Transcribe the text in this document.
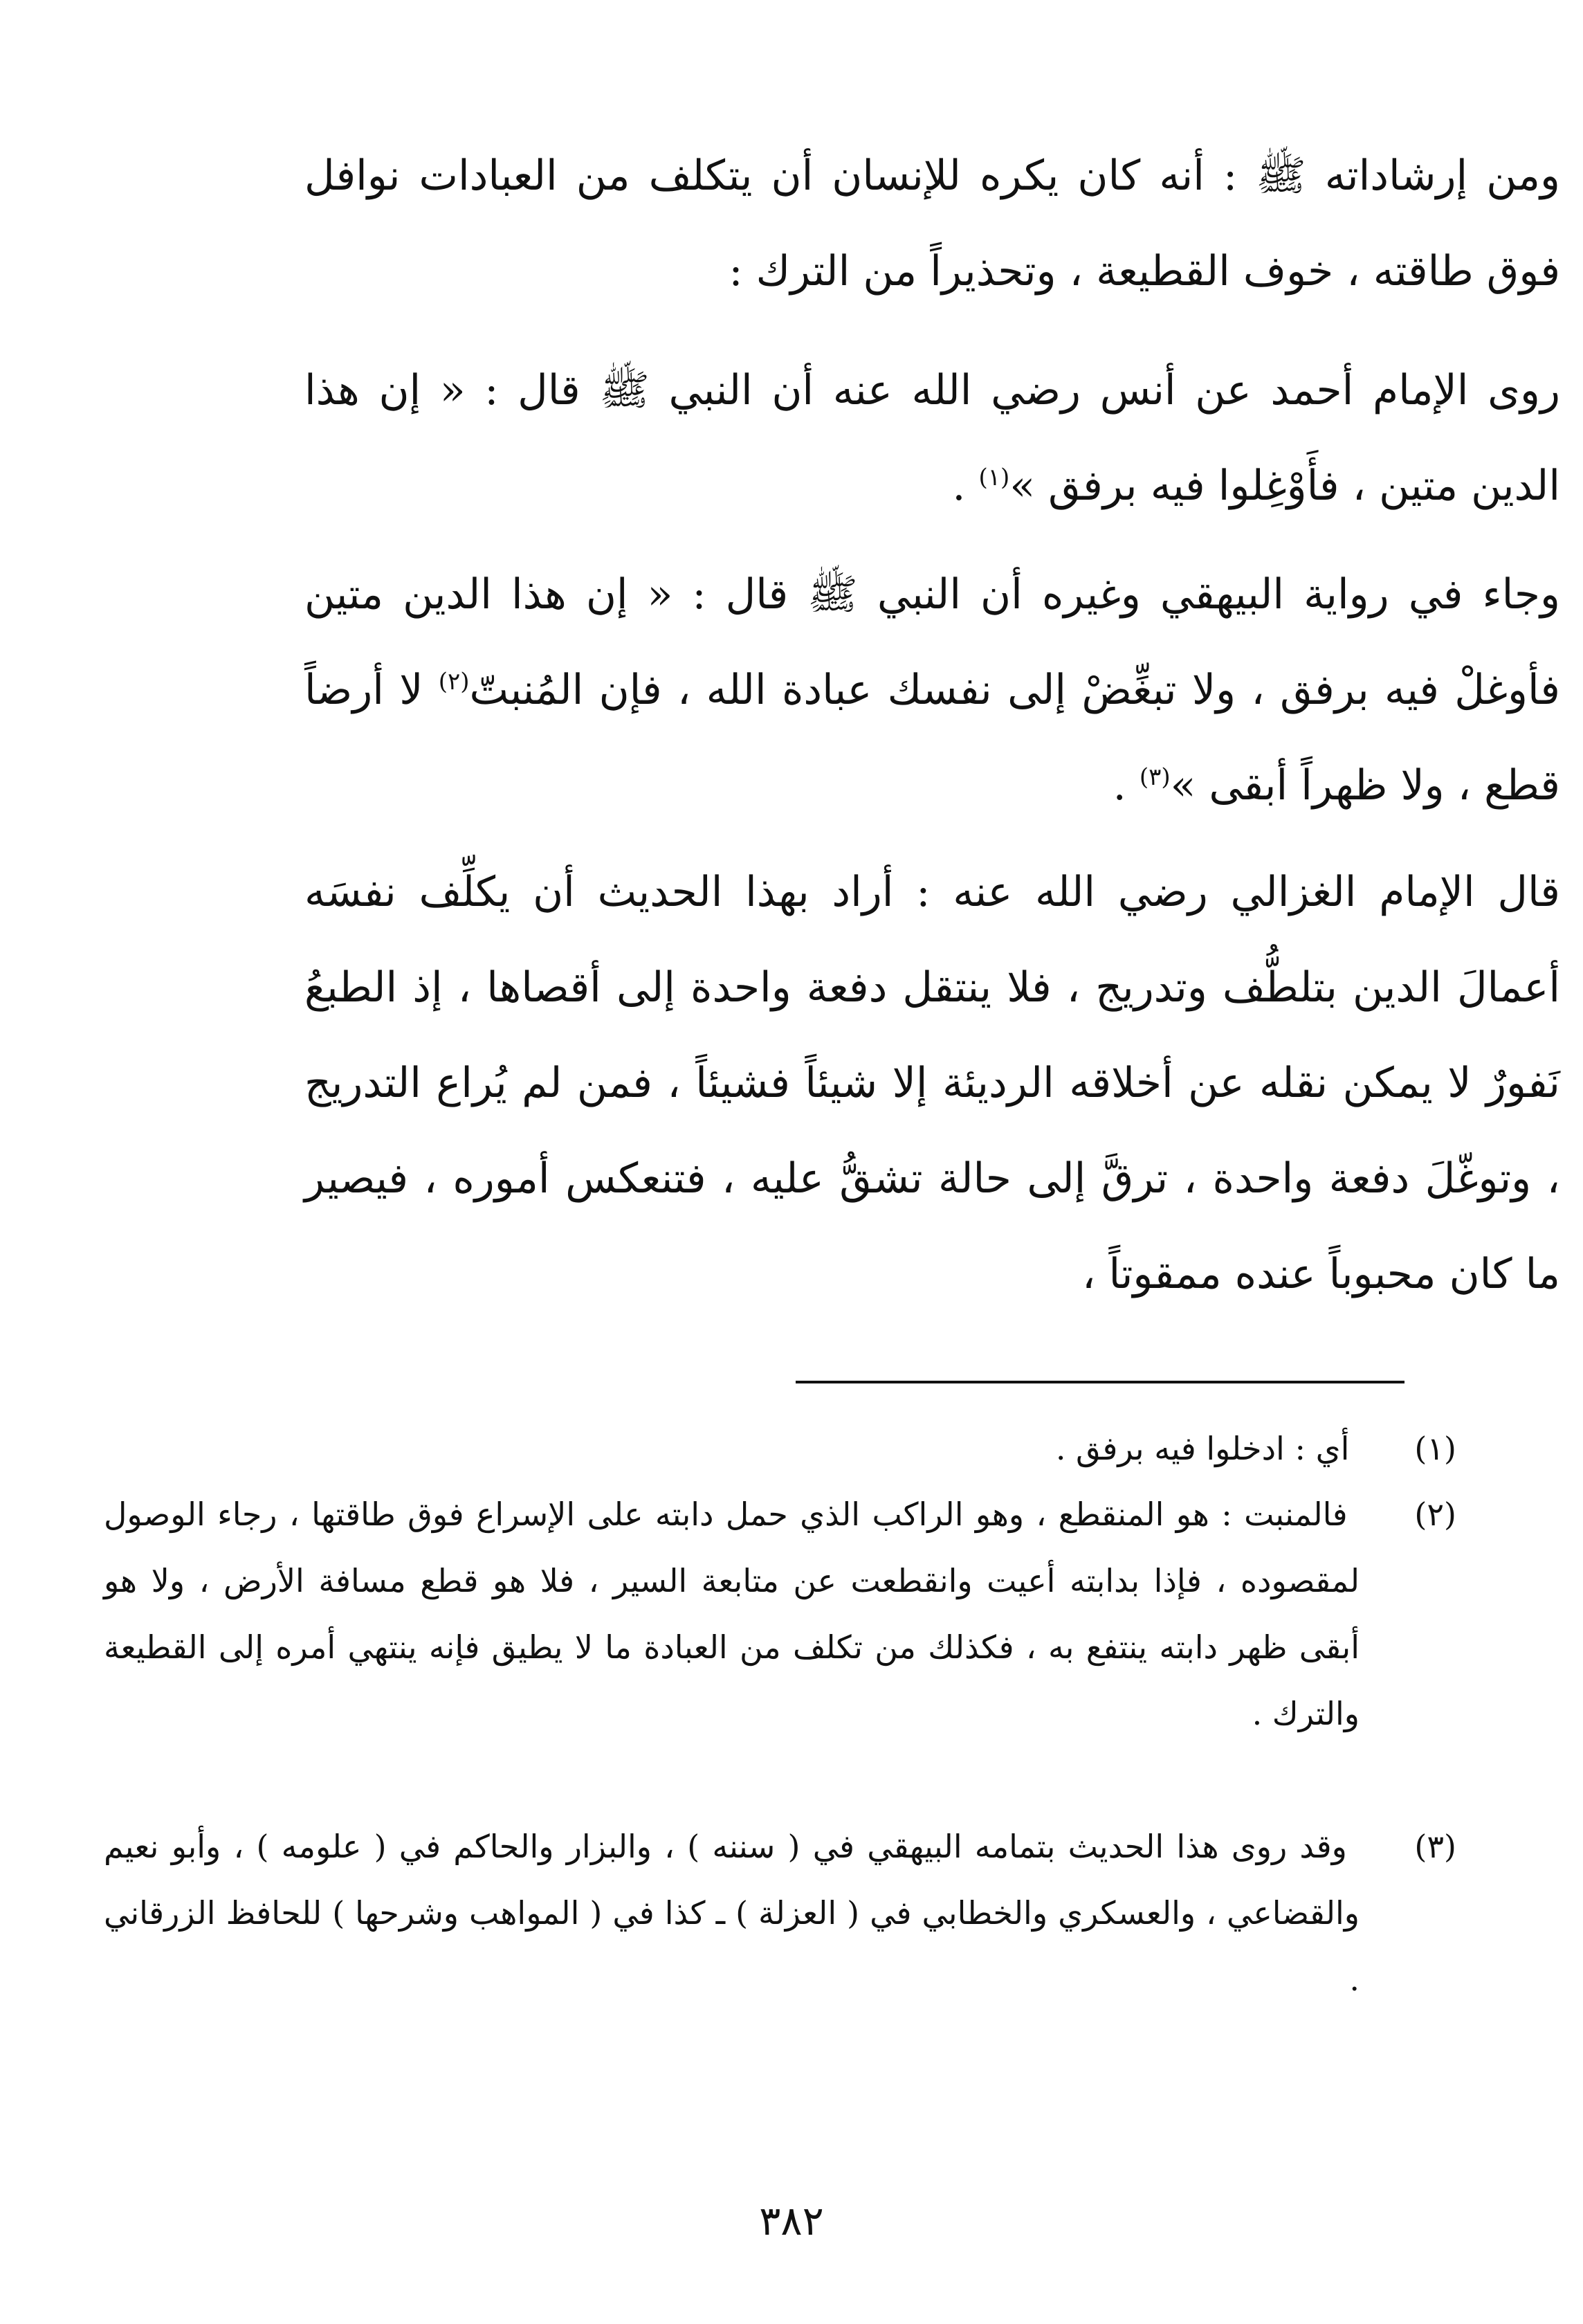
ومن إرشاداته ﷺ : أنه كان يكره للإنسان أن يتكلف من العبادات نوافل فوق طاقته ، خوف القطيعة ، وتحذيراً من الترك :

روى الإمام أحمد عن أنس رضي الله عنه أن النبي ﷺ قال : « إن هذا الدين متين ، فأَوْغِلوا فيه برفق »$^{(١)}$ .

وجاء في رواية البيهقي وغيره أن النبي ﷺ قال : « إن هذا الدين متين فأوغلْ فيه برفق ، ولا تبغِّضْ إلى نفسك عبادة الله ، فإن المُنبتّ$^{(٢)}$ لا أرضاً قطع ، ولا ظهراً أبقى »$^{(٣)}$ .

قال الإمام الغزالي رضي الله عنه : أراد بهذا الحديث أن يكلِّف نفسَه أعمالَ الدين بتلطُّف وتدريج ، فلا ينتقل دفعة واحدة إلى أقصاها ، إذ الطبعُ نَفورٌ لا يمكن نقله عن أخلاقه الرديئة إلا شيئاً فشيئاً ، فمن لم يُراع التدريج ، وتوغّلَ دفعة واحدة ، ترقَّ إلى حالة تشقُّ عليه ، فتنعكس أموره ، فيصير ما كان محبوباً عنده ممقوتاً ،

(١) أي : ادخلوا فيه برفق .

(٢) فالمنبت : هو المنقطع ، وهو الراكب الذي حمل دابته على الإسراع فوق طاقتها ، رجاء الوصول لمقصوده ، فإذا بدابته أعيت وانقطعت عن متابعة السير ، فلا هو قطع مسافة الأرض ، ولا هو أبقى ظهر دابته ينتفع به ، فكذلك من تكلف من العبادة ما لا يطيق فإنه ينتهي أمره إلى القطيعة والترك .

(٣) وقد روى هذا الحديث بتمامه البيهقي في ( سننه ) ، والبزار والحاكم في ( علومه ) ، وأبو نعيم والقضاعي ، والعسكري والخطابي في ( العزلة ) ـ كذا في ( المواهب وشرحها ) للحافظ الزرقاني .

٣٨٢
